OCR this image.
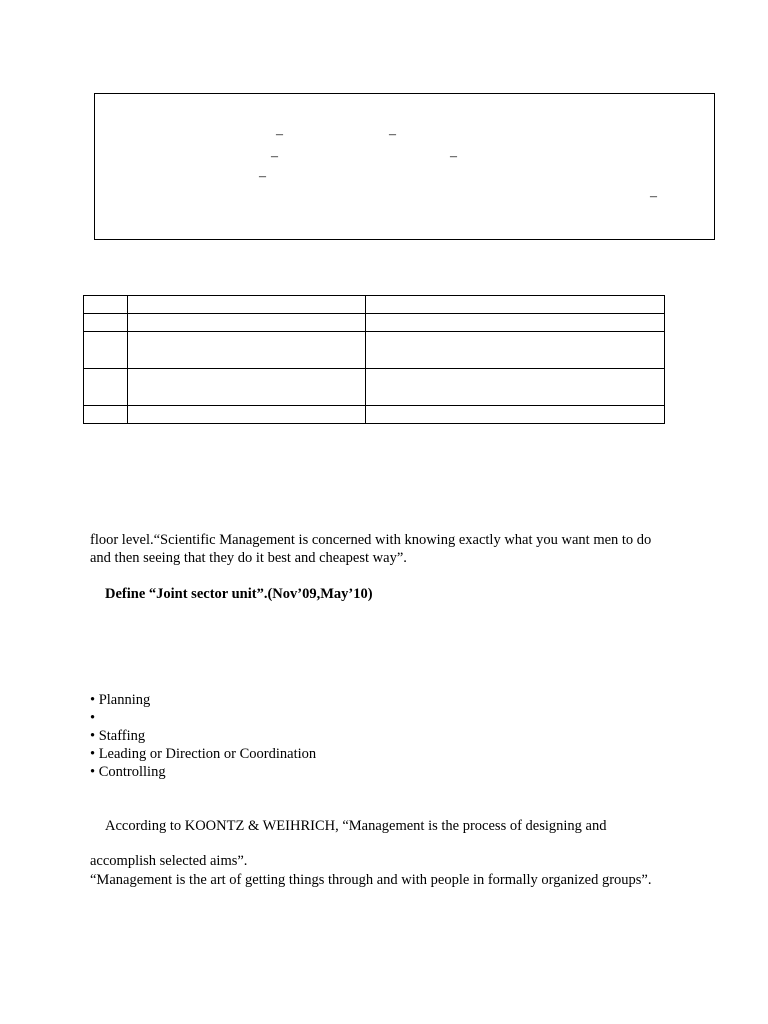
–	–
–	–
–
–

floor level.“Scientific Management is concerned with knowing exactly what you want men to do
and then seeing that they do it best and cheapest way”.
Define “Joint sector unit”.(Nov’09,May’10)
• Planning
•
• Staffing
• Leading or Direction or Coordination
• Controlling
According to KOONTZ & WEIHRICH, “Management is the process of designing and
accomplish selected aims”.
“Management is the art of getting things through and with people in formally organized groups”.
